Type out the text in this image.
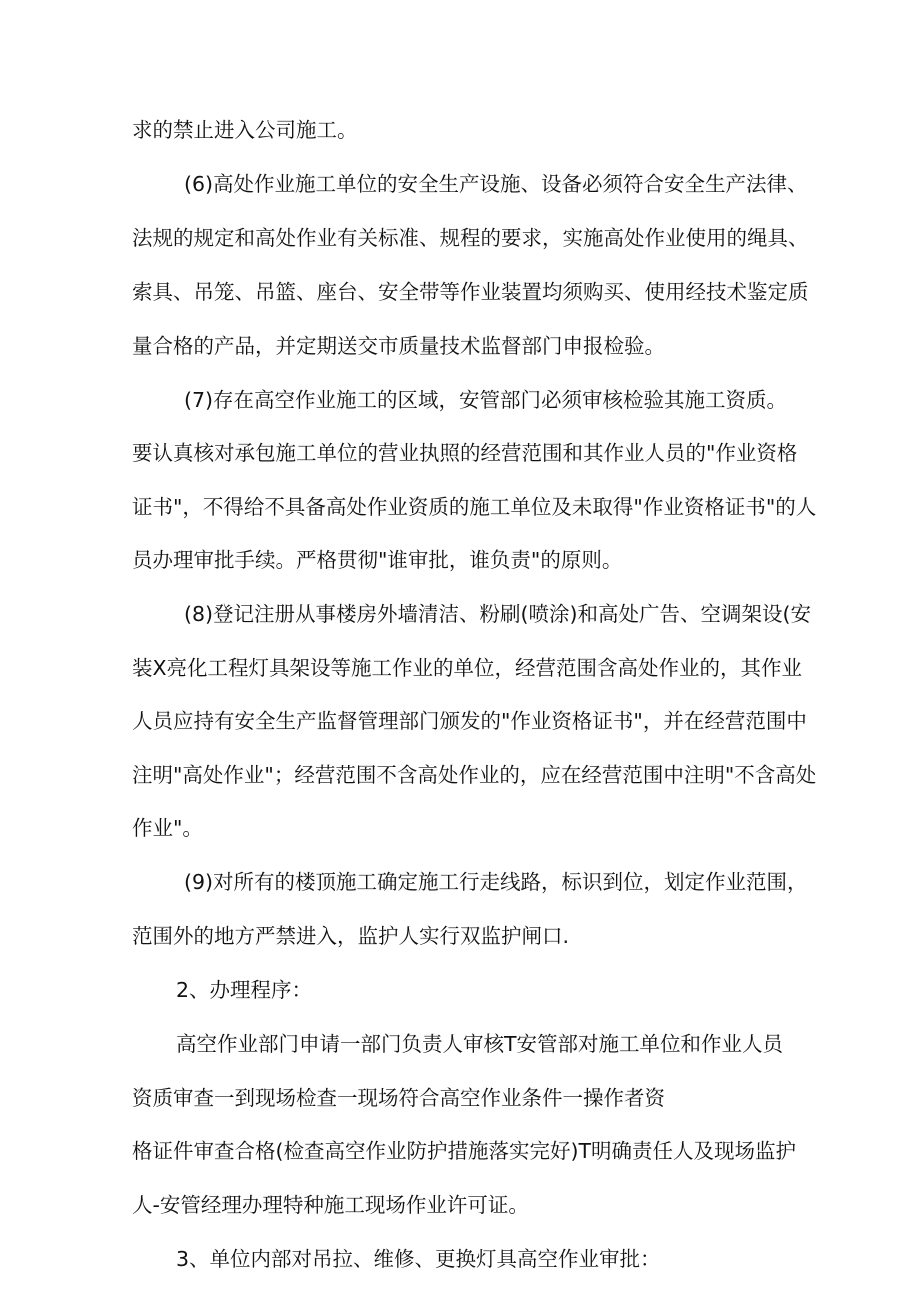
求的禁止进入公司施工。
(6)高处作业施工单位的安全生产设施、设备必须符合安全生产法律、
法规的规定和高处作业有关标准、规程的要求，实施高处作业使用的绳具、
索具、吊笼、吊篮、座台、安全带等作业装置均须购买、使用经技术鉴定质
量合格的产品，并定期送交市质量技术监督部门申报检验。
(7)存在高空作业施工的区域，安管部门必须审核检验其施工资质。
要认真核对承包施工单位的营业执照的经营范围和其作业人员的"作业资格
证书"，不得给不具备高处作业资质的施工单位及未取得"作业资格证书"的人
员办理审批手续。严格贯彻"谁审批，谁负责"的原则。
(8)登记注册从事楼房外墙清洁、粉刷(喷涂)和高处广告、空调架设(安
装X亮化工程灯具架设等施工作业的单位，经营范围含高处作业的，其作业
人员应持有安全生产监督管理部门颁发的"作业资格证书"，并在经营范围中
注明"高处作业"；经营范围不含高处作业的，应在经营范围中注明"不含高处
作业"。
(9)对所有的楼顶施工确定施工行走线路，标识到位，划定作业范围，
范围外的地方严禁进入，监护人实行双监护闸口.
2、办理程序：
高空作业部门申请一部门负责人审核T安管部对施工单位和作业人员
资质审查一到现场检查一现场符合高空作业条件一操作者资
格证件审查合格(检查高空作业防护措施落实完好)T明确责任人及现场监护
人-安管经理办理特种施工现场作业许可证。
3、单位内部对吊拉、维修、更换灯具高空作业审批：
